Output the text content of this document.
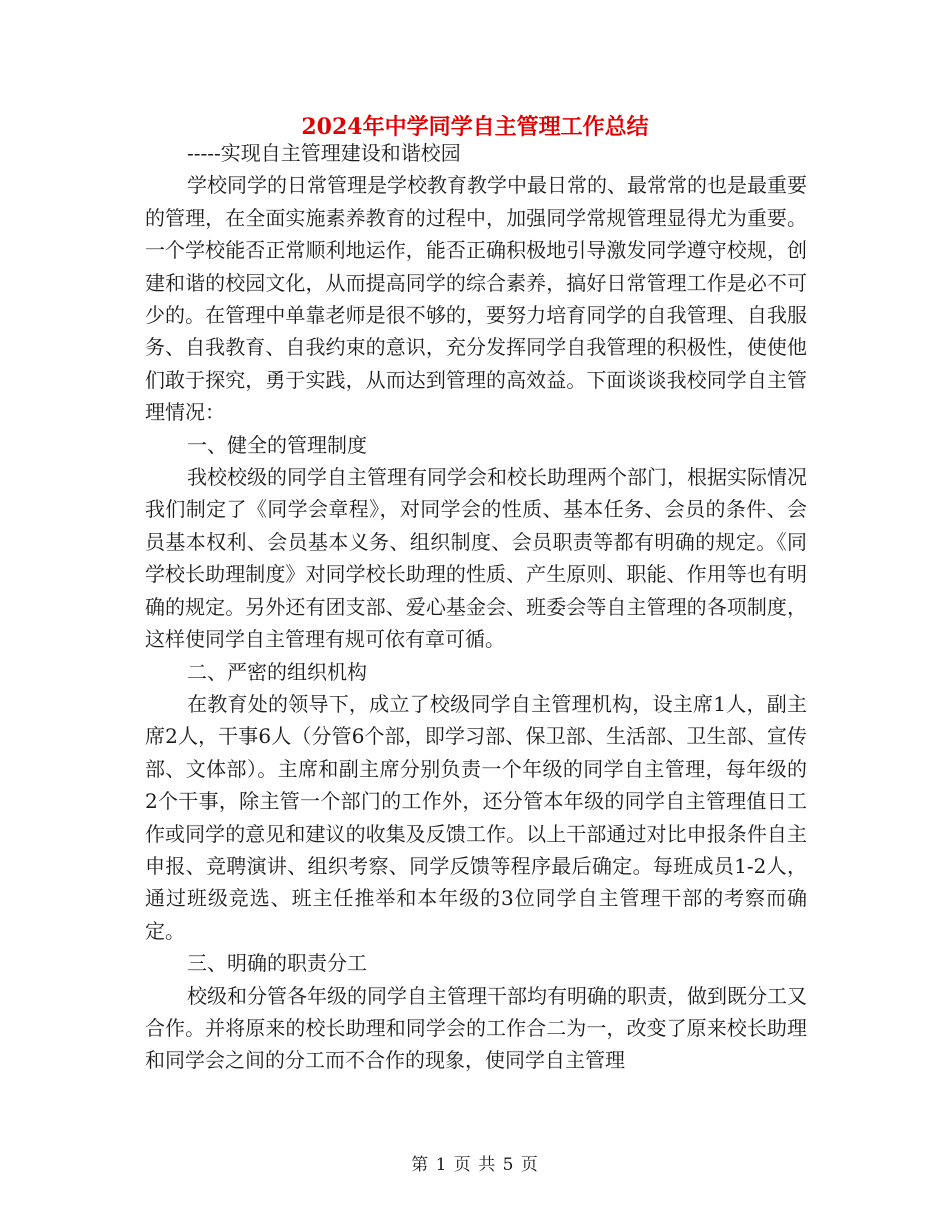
2024年中学同学自主管理工作总结

-----实现自主管理建设和谐校园

学校同学的日常管理是学校教育教学中最日常的、最常常的也是最重要的管理，在全面实施素养教育的过程中，加强同学常规管理显得尤为重要。一个学校能否正常顺利地运作，能否正确积极地引导激发同学遵守校规，创建和谐的校园文化，从而提高同学的综合素养，搞好日常管理工作是必不可少的。在管理中单靠老师是很不够的，要努力培育同学的自我管理、自我服务、自我教育、自我约束的意识，充分发挥同学自我管理的积极性，使使他们敢于探究，勇于实践，从而达到管理的高效益。下面谈谈我校同学自主管理情况：

一、健全的管理制度

我校校级的同学自主管理有同学会和校长助理两个部门，根据实际情况我们制定了《同学会章程》，对同学会的性质、基本任务、会员的条件、会员基本权利、会员基本义务、组织制度、会员职责等都有明确的规定。《同学校长助理制度》对同学校长助理的性质、产生原则、职能、作用等也有明确的规定。另外还有团支部、爱心基金会、班委会等自主管理的各项制度，这样使同学自主管理有规可依有章可循。

二、严密的组织机构

在教育处的领导下，成立了校级同学自主管理机构，设主席1人，副主席2人，干事6人（分管6个部，即学习部、保卫部、生活部、卫生部、宣传部、文体部）。主席和副主席分别负责一个年级的同学自主管理，每年级的2个干事，除主管一个部门的工作外，还分管本年级的同学自主管理值日工作或同学的意见和建议的收集及反馈工作。以上干部通过对比申报条件自主申报、竞聘演讲、组织考察、同学反馈等程序最后确定。每班成员1-2人，通过班级竞选、班主任推举和本年级的3位同学自主管理干部的考察而确定。

三、明确的职责分工

校级和分管各年级的同学自主管理干部均有明确的职责，做到既分工又合作。并将原来的校长助理和同学会的工作合二为一，改变了原来校长助理和同学会之间的分工而不合作的现象，使同学自主管理

第 1 页 共 5 页
